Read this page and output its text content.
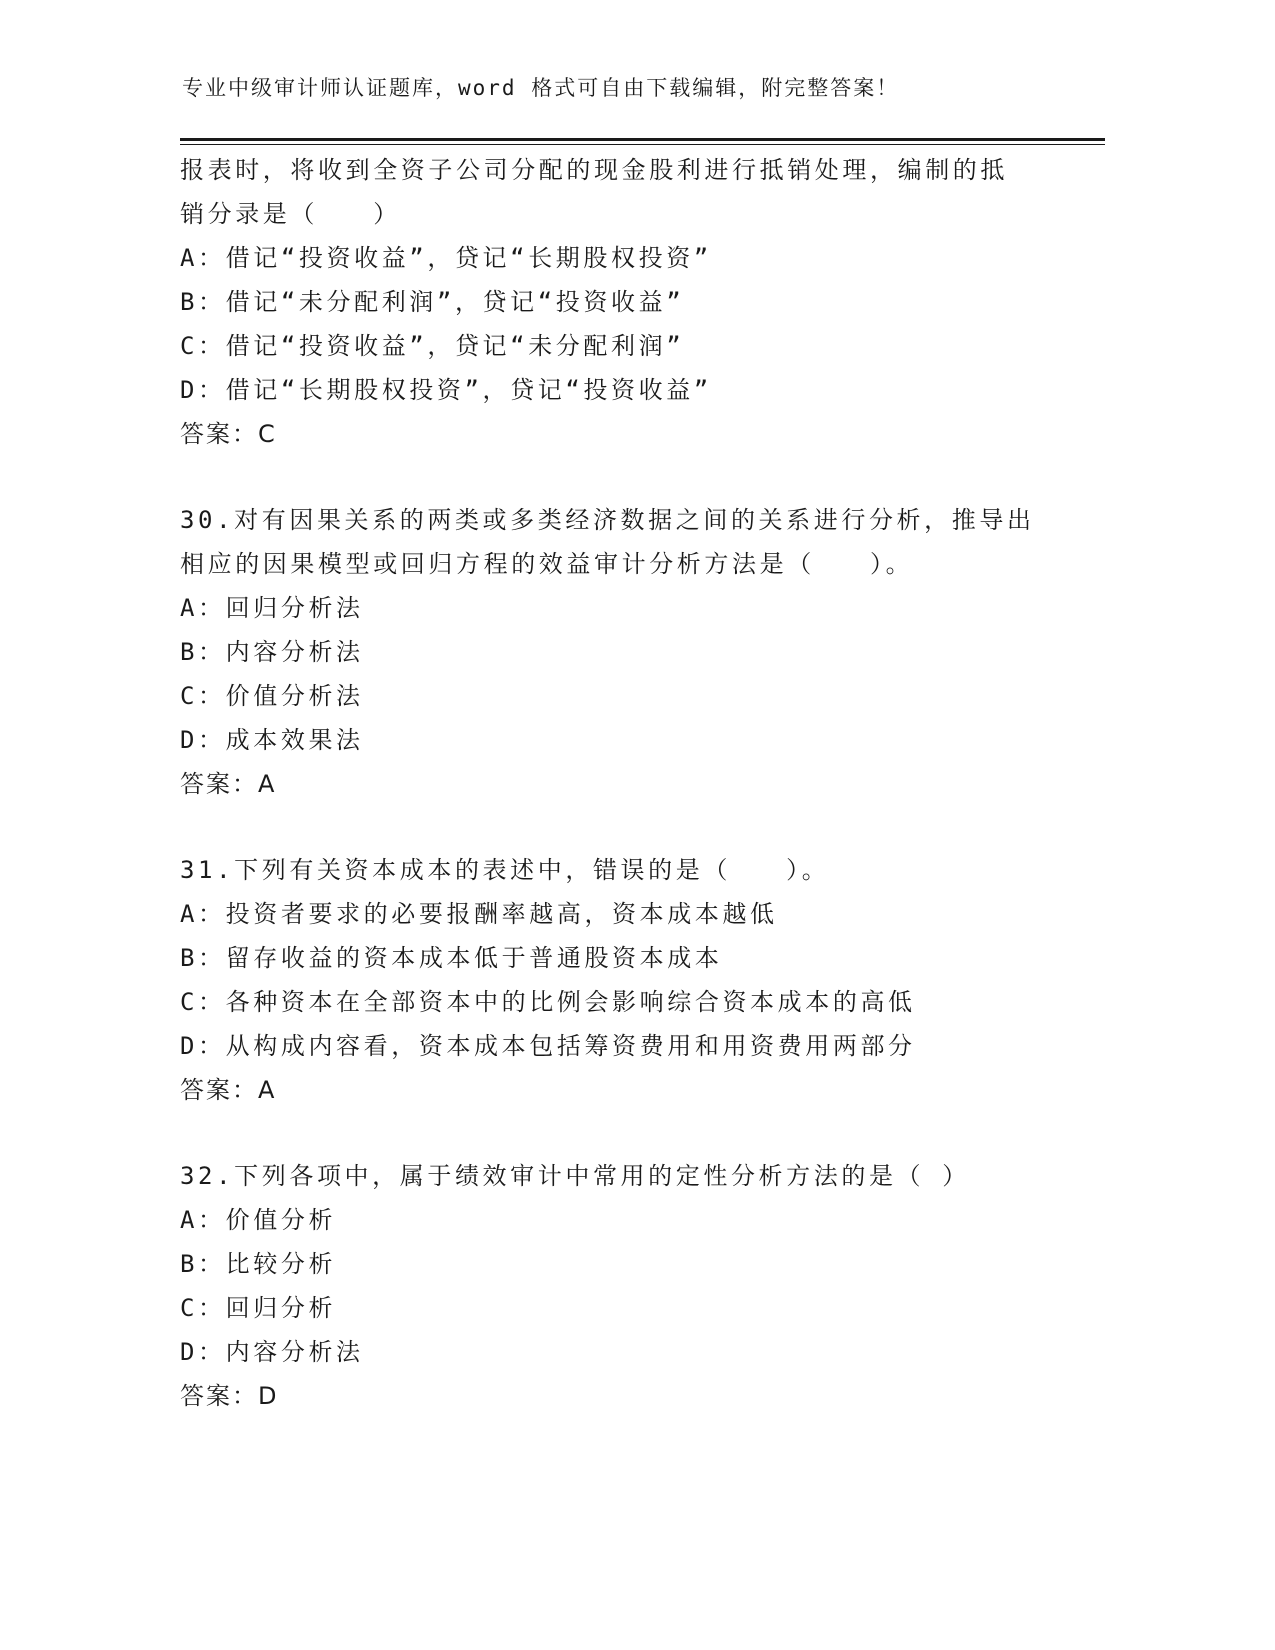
专业中级审计师认证题库，word 格式可自由下载编辑，附完整答案！
报表时，将收到全资子公司分配的现金股利进行抵销处理，编制的抵
销分录是（　　）
A：借记“投资收益”，贷记“长期股权投资”
B：借记“未分配利润”，贷记“投资收益”
C：借记“投资收益”，贷记“未分配利润”
D：借记“长期股权投资”，贷记“投资收益”
答案：C
30.对有因果关系的两类或多类经济数据之间的关系进行分析，推导出
相应的因果模型或回归方程的效益审计分析方法是（　　）。
A：回归分析法
B：内容分析法
C：价值分析法
D：成本效果法
答案：A
31.下列有关资本成本的表述中，错误的是（　　）。
A：投资者要求的必要报酬率越高，资本成本越低
B：留存收益的资本成本低于普通股资本成本
C：各种资本在全部资本中的比例会影响综合资本成本的高低
D：从构成内容看，资本成本包括筹资费用和用资费用两部分
答案：A
32.下列各项中，属于绩效审计中常用的定性分析方法的是（ ）
A：价值分析
B：比较分析
C：回归分析
D：内容分析法
答案：D
